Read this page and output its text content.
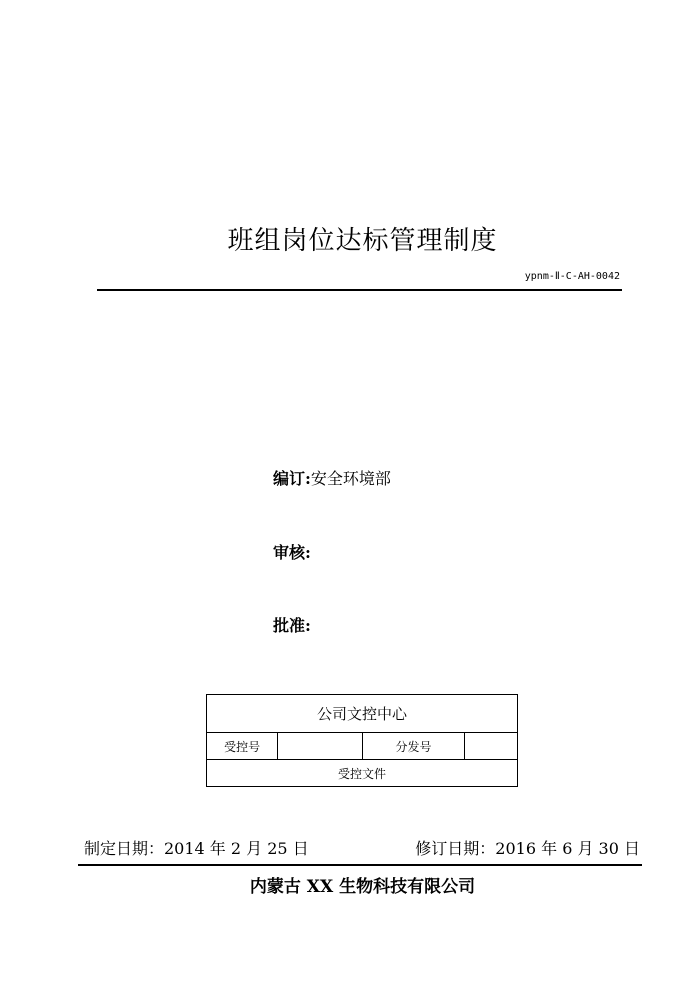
班组岗位达标管理制度
ypnm-Ⅱ-C-AH-0042
编订:安全环境部
审核:
批准:
公司文控中心
受控号		分发号	
受控文件
制定日期：2014 年 2 月 25 日	修订日期：2016 年 6 月 30 日
内蒙古 XX 生物科技有限公司
